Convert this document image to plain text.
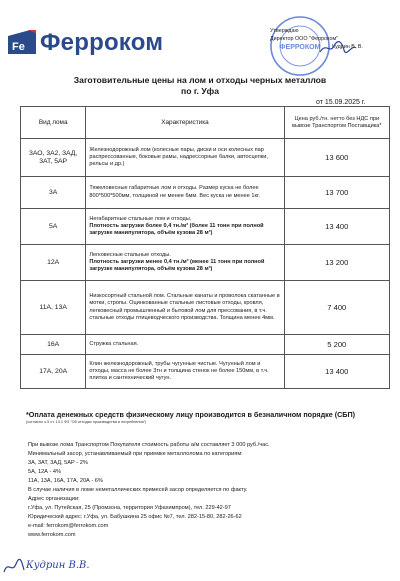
Fe Ферроком	ФЕРРОКОМ
Утверждаю
Директор ООО "Ферроком"
Кудрин В. В.
Заготовительные цены на лом и отходы черных металлов
по г. Уфа
от 15.09.2025 г.
Вид лома	Характеристика	Цена руб./тн. нетто без НДС при вывозе Транспортом Поставщика*
3АО, 3А2, 3АД, 3АТ, 5АР	Железнодорожный лом (колесные пары, диски и оси колесных пар распрессованные, боковые рамы, надрессорные балки, автосцепки, рельсы и др.)	13 600
3А	Тяжеловесные габаритные лом и отходы. Размер куска не более 800*500*500мм, толщиной не менее 6мм. Вес куска не менее 1кг.	13 700
5А	Негабаритные стальные лом и отходы.
Плотность загрузки более 0,4 тн./м³ (более 11 тонн при полной загрузке манипулятора, объём кузова 28 м³)	13 400
12А	Легковесные стальные отходы.
Плотность загрузки менее 0,4 тн./м³ (менее 11 тонн при полной загрузке манипулятора, объём кузова 28 м³)	13 200
11А, 13А	Низкосортный стальной лом. Стальные канаты и проволока скатанные в мотки, стропы. Оцинкованные стальные листовые отходы, кровля, легковесный промышленный и бытовой лом для прессования, в т.ч. стальные отходы птицеводческого производства. Толщина менее 4мм.	7 400
16А	Стружка стальная.	5 200
17А, 20А	Клин железнодорожный, трубы чугунные чистые. Чугунный лом и отходы, масса не более 3тн и толщина стенок не более 150мм, в т.ч. плитка и сантехнический чугун.	13 400
*Оплата денежных средств физическому лицу производится в безналичном порядке (СБП)
(согласно ч.5 ст. 13.1 ФЗ "Об отходах производства и потребления")
При вывозе лома Транспортом Покупателя стоимость работы а/м составляет 3 000 руб./час.
Минимальный засор, устанавливаемый при приемке металлолома по категориям:
3А, 3АТ, 3АД, 5АР - 2%
5А, 12А - 4%
11А, 13А, 16А, 17А, 20А - 6%
В случае наличия в ломе неметаллических примесей засор определяется по факту.
Адрес организации:
г.Уфа, ул. Путейская, 25 (Промзона, территория Уфахимпром), тел. 229-42-97
Юридический адрес: г.Уфа, ул. Бабушкина 25 офис №7, тел. 282-15-80, 282-26-62
e-mail: ferrokom@ferrokom.com
www.ferrokom.com
Кудрин В.В.
